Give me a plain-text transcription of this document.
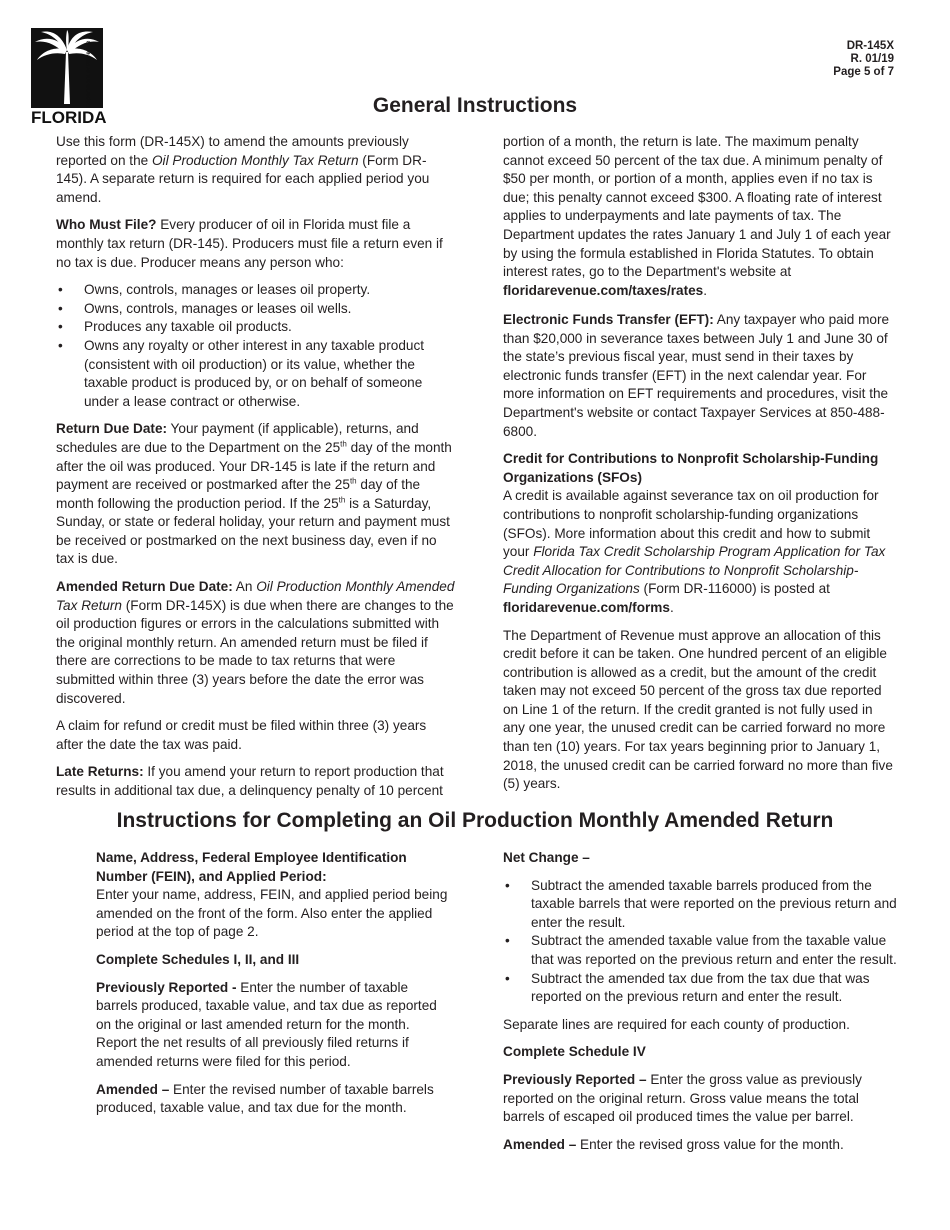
FLORIDA
Department of Revenue	DR-145X
R. 01/19
Page 5 of 7
General Instructions

Use this form (DR-145X) to amend the amounts previously reported on the Oil Production Monthly Tax Return (Form DR-145). A separate return is required for each applied period you amend.

Who Must File? Every producer of oil in Florida must file a monthly tax return (DR-145). Producers must file a return even if no tax is due. Producer means any person who:

• Owns, controls, manages or leases oil property.
• Owns, controls, manages or leases oil wells.
• Produces any taxable oil products.
• Owns any royalty or other interest in any taxable product (consistent with oil production) or its value, whether the taxable product is produced by, or on behalf of someone under a lease contract or otherwise.

Return Due Date: Your payment (if applicable), returns, and schedules are due to the Department on the 25th day of the month after the oil was produced. Your DR-145 is late if the return and payment are received or postmarked after the 25th day of the month following the production period. If the 25th is a Saturday, Sunday, or state or federal holiday, your return and payment must be received or postmarked on the next business day, even if no tax is due.

Amended Return Due Date: An Oil Production Monthly Amended Tax Return (Form DR-145X) is due when there are changes to the oil production figures or errors in the calculations submitted with the original monthly return. An amended return must be filed if there are corrections to be made to tax returns that were submitted within three (3) years before the date the error was discovered.

A claim for refund or credit must be filed within three (3) years after the date the tax was paid.

Late Returns: If you amend your return to report production that results in additional tax due, a delinquency penalty of 10 percent

Electronic Funds Transfer (EFT): Any taxpayer who paid more than $20,000 in severance taxes between July 1 and June 30 of the state’s previous fiscal year, must send in their taxes by electronic funds transfer (EFT) in the next calendar year. For more information on EFT requirements and procedures, visit the Department's website or contact Taxpayer Services at 850-488-6800.

Credit for Contributions to Nonprofit Scholarship-Funding Organizations (SFOs)
A credit is available against severance tax on oil production for contributions to nonprofit scholarship-funding organizations (SFOs). More information about this credit and how to submit your Florida Tax Credit Scholarship Program Application for Tax Credit Allocation for Contributions to Nonprofit Scholarship-Funding Organizations (Form DR-116000) is posted at floridarevenue.com/forms.

The Department of Revenue must approve an allocation of this credit before it can be taken. One hundred percent of an eligible contribution is allowed as a credit, but the amount of the credit taken may not exceed 50 percent of the gross tax due reported on Line 1 of the return. If the credit granted is not fully used in any one year, the unused credit can be carried forward no more than ten (10) years. For tax years beginning prior to January 1, 2018, the unused credit can be carried forward no more than five (5) years.

Instructions for Completing an Oil Production Monthly Amended Return

Name, Address, Federal Employee Identification Number (FEIN), and Applied Period:
Enter your name, address, FEIN, and applied period being amended on the front of the form. Also enter the applied period at the top of page 2.

Complete Schedules I, II, and III

Previously Reported - Enter the number of taxable barrels produced, taxable value, and tax due as reported on the original or last amended return for the month. Report the net results of all previously filed returns if amended returns were filed for this period.

Amended – Enter the revised number of taxable barrels produced, taxable value, and tax due for the month.

Net Change –

• Subtract the amended taxable barrels produced from the taxable barrels that were reported on the previous return and enter the result.
• Subtract the amended taxable value from the taxable value that was reported on the previous return and enter the result.
• Subtract the amended tax due from the tax due that was reported on the previous return and enter the result.

Separate lines are required for each county of production.

Complete Schedule IV

Previously Reported – Enter the gross value as previously reported on the original return. Gross value means the total barrels of escaped oil produced times the value per barrel.

Amended – Enter the revised gross value for the month.

portion of a month, the return is late. The maximum penalty cannot exceed 50 percent of the tax due. A minimum penalty of $50 per month, or portion of a month, applies even if no tax is due; this penalty cannot exceed $300. A floating rate of interest applies to underpayments and late payments of tax. The Department updates the rates January 1 and July 1 of each year by using the formula established in Florida Statutes. To obtain interest rates, go to the Department's website at floridarevenue.com/taxes/rates.
